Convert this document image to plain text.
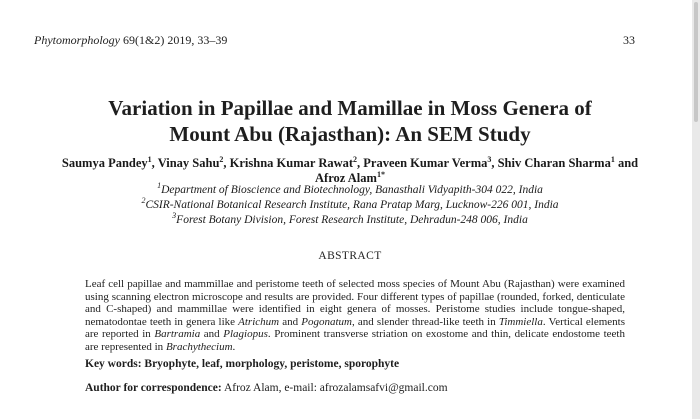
Phytomorphology 69(1&2) 2019, 33–39	33
Variation in Papillae and Mamillae in Moss Genera of
Mount Abu (Rajasthan): An SEM Study
Saumya Pandey$^1$, Vinay Sahu$^2$, Krishna Kumar Rawat$^2$, Praveen Kumar Verma$^3$, Shiv Charan Sharma$^1$ and
Afroz Alam$^{1*}$
$^1$Department of Bioscience and Biotechnology, Banasthali Vidyapith-304 022, India
$^2$CSIR-National Botanical Research Institute, Rana Pratap Marg, Lucknow-226 001, India
$^3$Forest Botany Division, Forest Research Institute, Dehradun-248 006, India
ABSTRACT

Leaf cell papillae and mammillae and peristome teeth of selected moss species of Mount Abu (Rajasthan) were examined using scanning electron microscope and results are provided. Four different types of papillae (rounded, forked, denticulate and C-shaped) and mammillae were identified in eight genera of mosses. Peristome studies include tongue-shaped, nematodontae teeth in genera like Atrichum and Pogonatum, and slender thread-like teeth in Timmiella. Vertical elements are reported in Bartramia and Plagiopus. Prominent transverse striation on exostome and thin, delicate endostome teeth are represented in Brachythecium.

Key words: Bryophyte, leaf, morphology, peristome, sporophyte
Author for correspondence: Afroz Alam, e-mail: afrozalamsafvi@gmail.com
